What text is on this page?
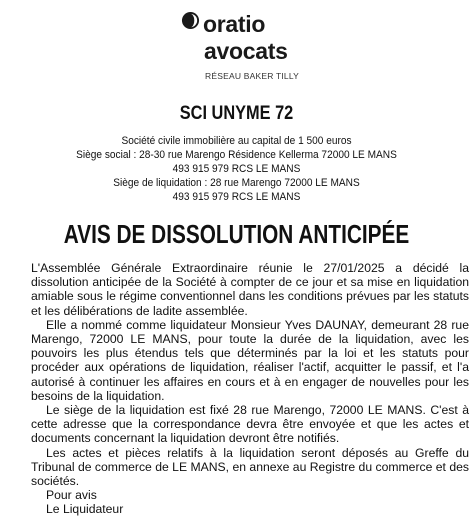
oratio
avocats
RÉSEAU BAKER TILLY
SCI UNYME 72
Société civile immobilière au capital de 1 500 euros
Siège social : 28-30 rue Marengo Résidence Kellerma 72000 LE MANS
493 915 979 RCS LE MANS
Siège de liquidation : 28 rue Marengo 72000 LE MANS
493 915 979 RCS LE MANS
AVIS DE DISSOLUTION ANTICIPÉE
L'Assemblée Générale Extraordinaire réunie le 27/01/2025 a décidé la dissolution anticipée de la Société à compter de ce jour et sa mise en liquidation amiable sous le régime conventionnel dans les conditions prévues par les statuts et les délibérations de ladite assemblée.
Elle a nommé comme liquidateur Monsieur Yves DAUNAY, demeurant 28 rue Marengo, 72000 LE MANS, pour toute la durée de la liquidation, avec les pouvoirs les plus étendus tels que déterminés par la loi et les statuts pour procéder aux opérations de liquidation, réaliser l'actif, acquitter le passif, et l'a autorisé à continuer les affaires en cours et à en engager de nouvelles pour les besoins de la liquidation.
Le siège de la liquidation est fixé 28 rue Marengo, 72000 LE MANS. C'est à cette adresse que la correspondance devra être envoyée et que les actes et documents concernant la liquidation devront être notifiés.
Les actes et pièces relatifs à la liquidation seront déposés au Greffe du Tribunal de commerce de LE MANS, en annexe au Registre du commerce et des sociétés.
Pour avis
Le Liquidateur
